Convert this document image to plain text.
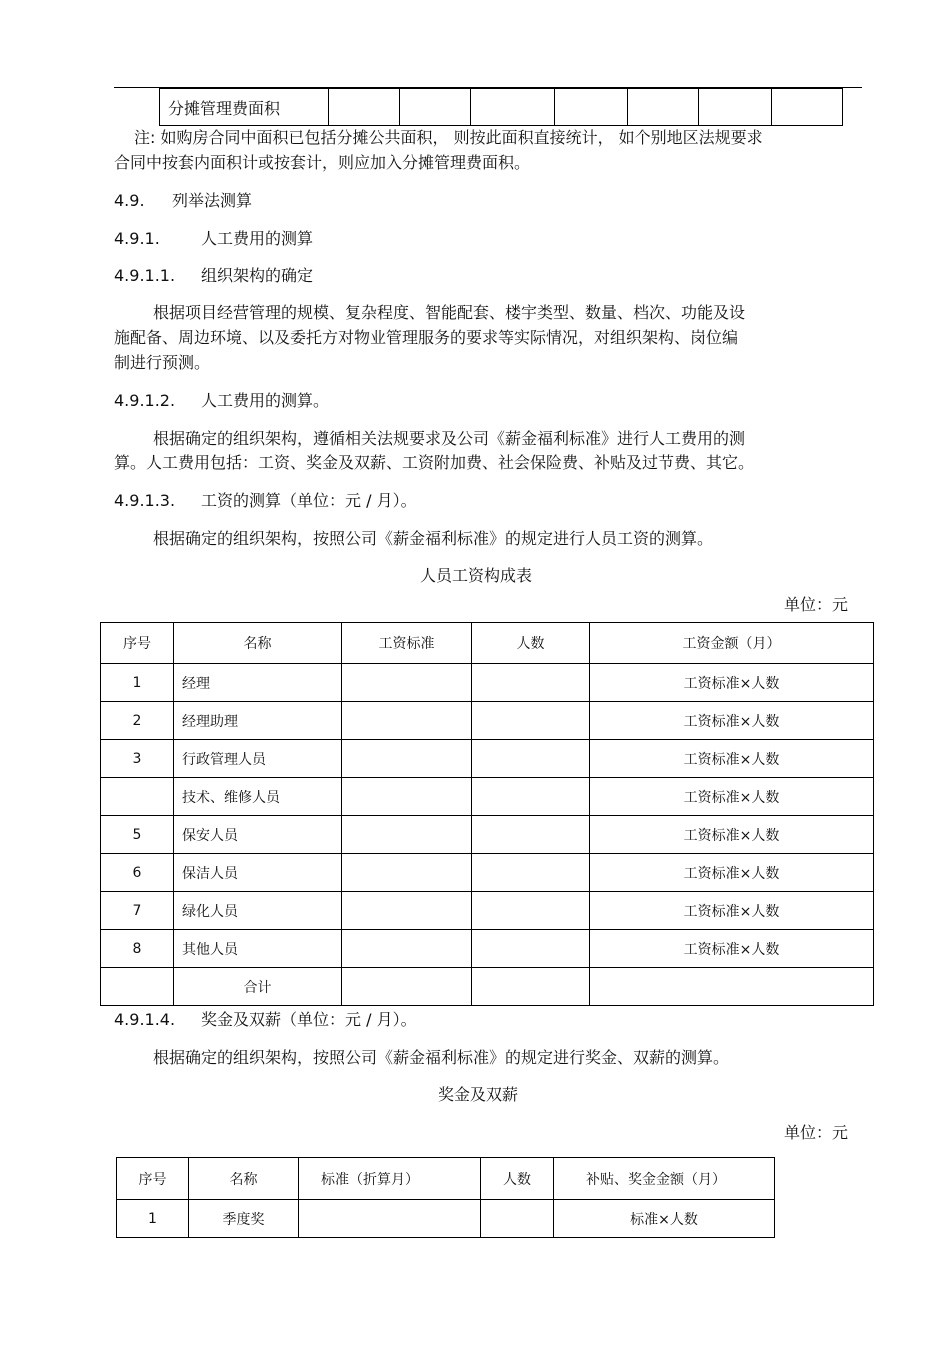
分摊管理费面积							
注: 如购房合同中面积已包括分摊公共面积， 则按此面积直接统计， 如个别地区法规要求
合同中按套内面积计或按套计，则应加入分摊管理费面积。
4.9. 列举法测算
4.9.1.	人工费用的测算
4.9.1.1. 组织架构的确定
根据项目经营管理的规模、复杂程度、智能配套、楼宇类型、数量、档次、功能及设
施配备、周边环境、以及委托方对物业管理服务的要求等实际情况，对组织架构、岗位编
制进行预测。
4.9.1.2. 人工费用的测算。
根据确定的组织架构，遵循相关法规要求及公司《薪金福利标准》进行人工费用的测
算。人工费用包括：工资、奖金及双薪、工资附加费、社会保险费、补贴及过节费、其它。
4.9.1.3. 工资的测算（单位：元 / 月）。
根据确定的组织架构，按照公司《薪金福利标准》的规定进行人员工资的测算。
人员工资构成表
单位：元
序号	名称	工资标准	人数	工资金额（月）
1	经理			工资标准×人数
2	经理助理			工资标准×人数
3	行政管理人员			工资标准×人数
	技术、维修人员			工资标准×人数
5	保安人员			工资标准×人数
6	保洁人员			工资标准×人数
7	绿化人员			工资标准×人数
8	其他人员			工资标准×人数
	合计			
4.9.1.4. 奖金及双薪（单位：元 / 月）。
根据确定的组织架构，按照公司《薪金福利标准》的规定进行奖金、双薪的测算。
奖金及双薪
单位：元
序号	名称	标准（折算月）	人数	补贴、奖金金额（月）
1	季度奖			标准×人数
